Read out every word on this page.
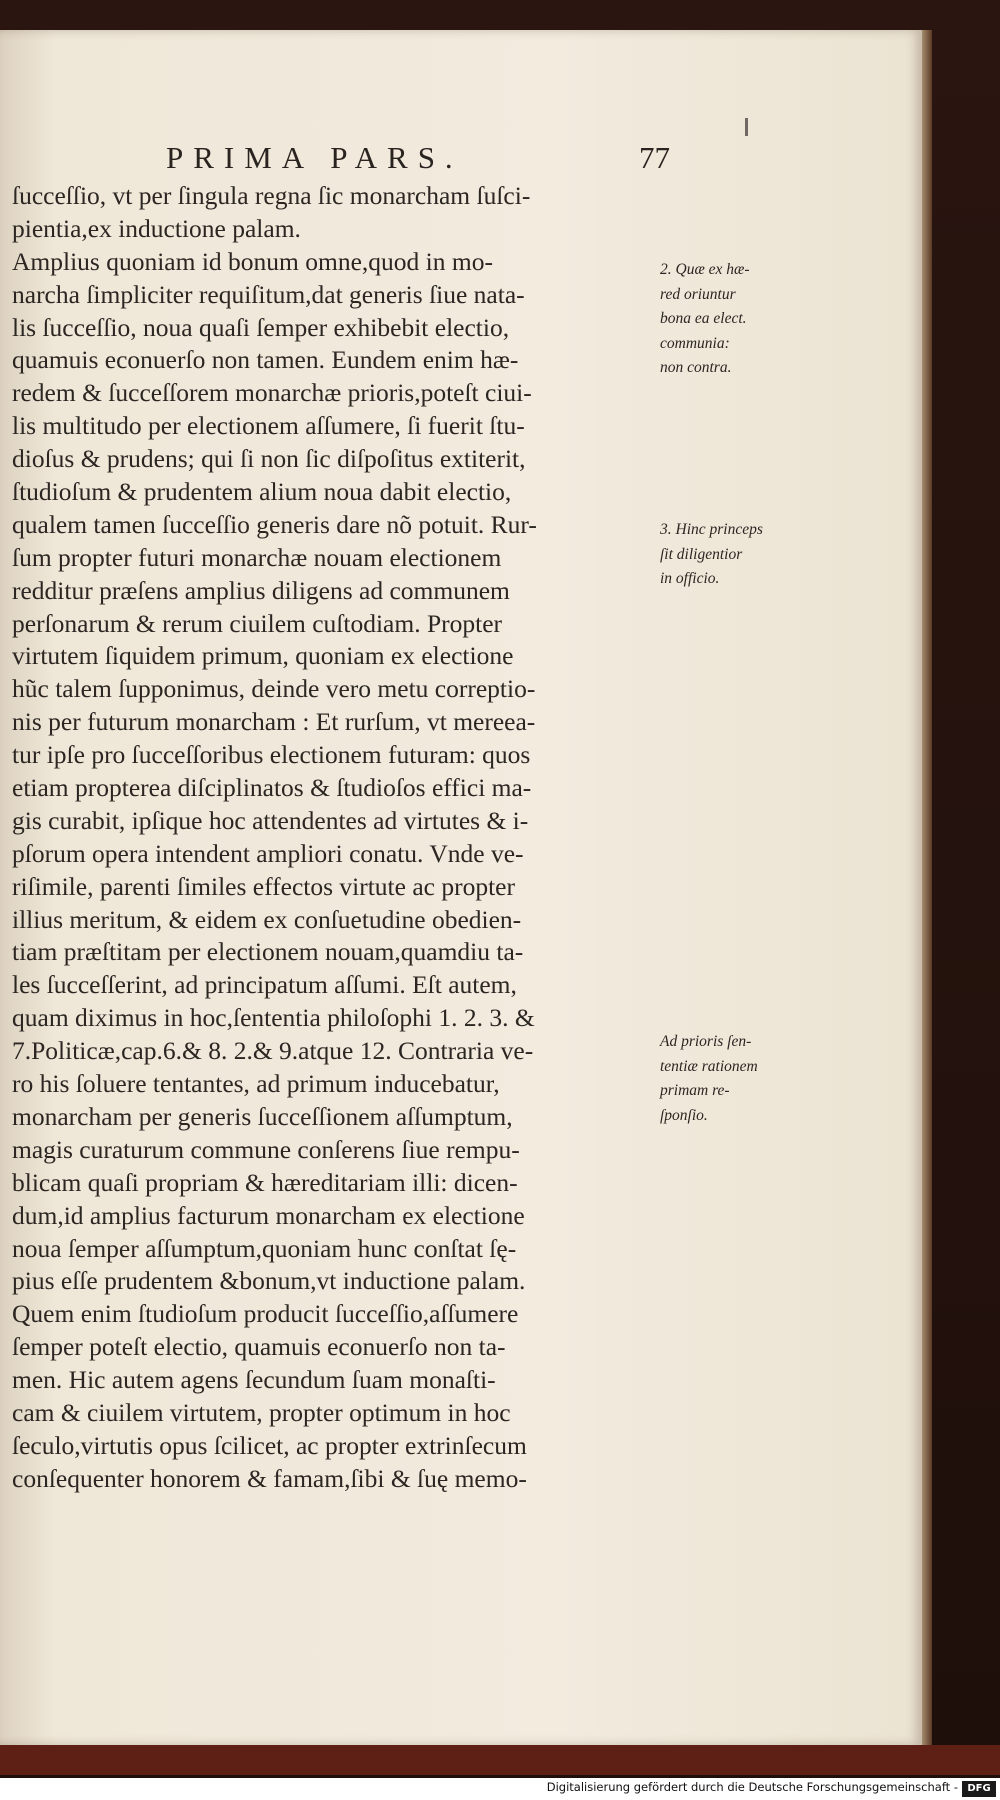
PRIMA PARS.	77
ſucceſſio, vt per ſingula regna ſic monarcham ſuſci-
pientia,ex inductione palam.
Amplius quoniam id bonum omne,quod in mo-
narcha ſimpliciter requiſitum,dat generis ſiue nata-
lis ſucceſſio, noua quaſi ſemper exhibebit electio,
quamuis econuerſo non tamen. Eundem enim hæ-
redem & ſucceſſorem monarchæ prioris,poteſt ciui-
lis multitudo per electionem aſſumere, ſi fuerit ſtu-
dioſus & prudens; qui ſi non ſic diſpoſitus extiterit,
ſtudioſum & prudentem alium noua dabit electio,
qualem tamen ſucceſſio generis dare nõ potuit. Rur-
ſum propter futuri monarchæ nouam electionem
redditur præſens amplius diligens ad communem
perſonarum & rerum ciuilem cuſtodiam. Propter
virtutem ſiquidem primum, quoniam ex electione
hũc talem ſupponimus, deinde vero metu correptio-
nis per futurum monarcham : Et rurſum, vt mereea-
tur ipſe pro ſucceſſoribus electionem futuram: quos
etiam propterea diſciplinatos & ſtudioſos effici ma-
gis curabit, ipſique hoc attendentes ad virtutes & i-
pſorum opera intendent ampliori conatu. Vnde ve-
riſimile, parenti ſimiles effectos virtute ac propter
illius meritum, & eidem ex conſuetudine obedien-
tiam præſtitam per electionem nouam,quamdiu ta-
les ſucceſſerint, ad principatum aſſumi. Eſt autem,
quam diximus in hoc,ſententia philoſophi 1. 2. 3. &
7.Politicæ,cap.6.& 8. 2.& 9.atque 12. Contraria ve-
ro his ſoluere tentantes, ad primum inducebatur,
monarcham per generis ſucceſſionem aſſumptum,
magis curaturum commune conſerens ſiue rempu-
blicam quaſi propriam & hæreditariam illi: dicen-
dum,id amplius facturum monarcham ex electione
noua ſemper aſſumptum,quoniam hunc conſtat ſę-
pius eſſe prudentem &bonum,vt inductione palam.
Quem enim ſtudioſum producit ſucceſſio,aſſumere
ſemper poteſt electio, quamuis econuerſo non ta-
men. Hic autem agens ſecundum ſuam monaſti-
cam & ciuilem virtutem, propter optimum in hoc
ſeculo,virtutis opus ſcilicet, ac propter extrinſecum
conſequenter honorem & famam,ſibi & ſuę memo-
2. Quæ ex hæ-
red oriuntur
bona ea elect.
communia:
non contra.
3. Hinc princeps
ſit diligentior
in officio.
Ad prioris ſen-
tentiæ rationem
primam re-
ſponſio.
Digitalisierung gefördert durch die Deutsche Forschungsgemeinschaft - DFG
